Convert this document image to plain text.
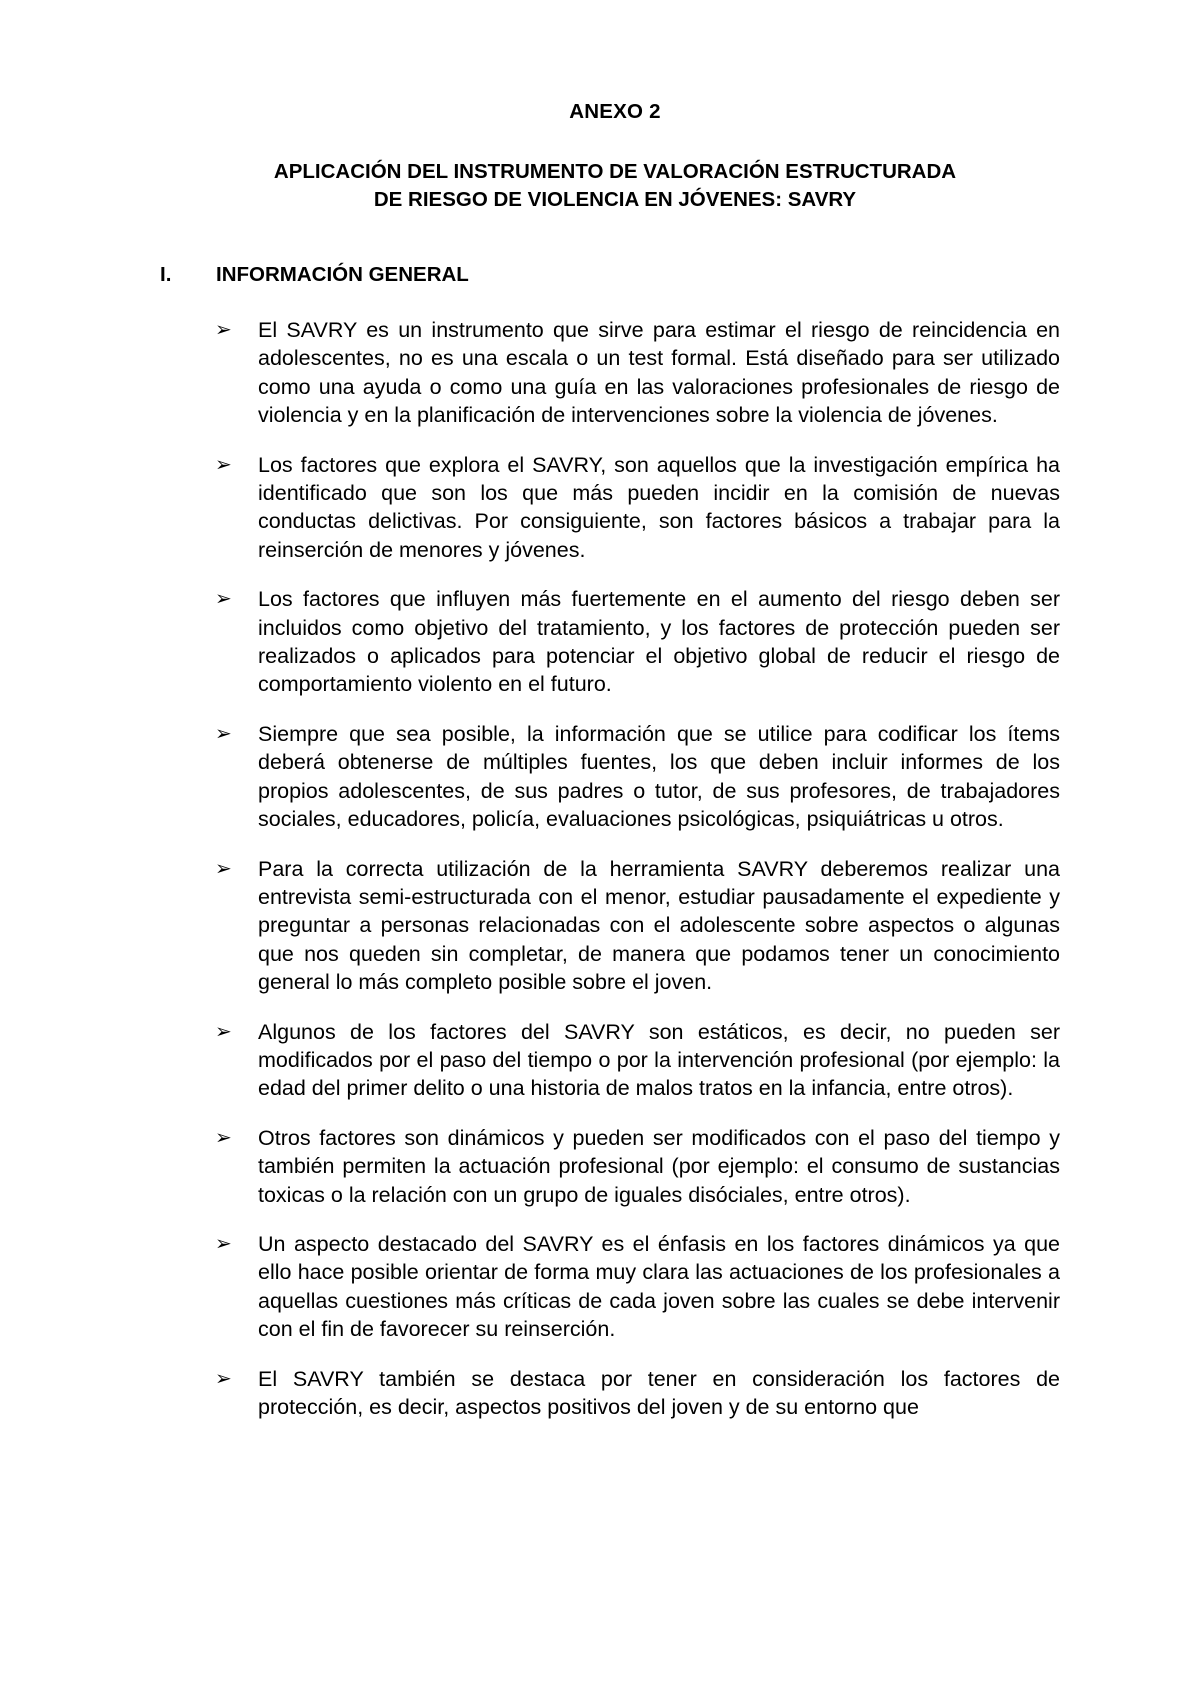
ANEXO 2
APLICACIÓN DEL INSTRUMENTO DE VALORACIÓN ESTRUCTURADA
DE RIESGO DE VIOLENCIA EN JÓVENES: SAVRY
I.	INFORMACIÓN GENERAL
➢ El SAVRY es un instrumento que sirve para estimar el riesgo de reincidencia en adolescentes, no es una escala o un test formal. Está diseñado para ser utilizado como una ayuda o como una guía en las valoraciones profesionales de riesgo de violencia y en la planificación de intervenciones sobre la violencia de jóvenes.
➢ Los factores que explora el SAVRY, son aquellos que la investigación empírica ha identificado que son los que más pueden incidir en la comisión de nuevas conductas delictivas. Por consiguiente, son factores básicos a trabajar para la reinserción de menores y jóvenes.
➢ Los factores que influyen más fuertemente en el aumento del riesgo deben ser incluidos como objetivo del tratamiento, y los factores de protección pueden ser realizados o aplicados para potenciar el objetivo global de reducir el riesgo de comportamiento violento en el futuro.
➢ Siempre que sea posible, la información que se utilice para codificar los ítems deberá obtenerse de múltiples fuentes, los que deben incluir informes de los propios adolescentes, de sus padres o tutor, de sus profesores, de trabajadores sociales, educadores, policía, evaluaciones psicológicas, psiquiátricas u otros.
➢ Para la correcta utilización de la herramienta SAVRY deberemos realizar una entrevista semi-estructurada con el menor, estudiar pausadamente el expediente y preguntar a personas relacionadas con el adolescente sobre aspectos o algunas que nos queden sin completar, de manera que podamos tener un conocimiento general lo más completo posible sobre el joven.
➢ Algunos de los factores del SAVRY son estáticos, es decir, no pueden ser modificados por el paso del tiempo o por la intervención profesional (por ejemplo: la edad del primer delito o una historia de malos tratos en la infancia, entre otros).
➢ Otros factores son dinámicos y pueden ser modificados con el paso del tiempo y también permiten la actuación profesional (por ejemplo: el consumo de sustancias toxicas o la relación con un grupo de iguales disóciales, entre otros).
➢ Un aspecto destacado del SAVRY es el énfasis en los factores dinámicos ya que ello hace posible orientar de forma muy clara las actuaciones de los profesionales a aquellas cuestiones más críticas de cada joven sobre las cuales se debe intervenir con el fin de favorecer su reinserción.
➢ El SAVRY también se destaca por tener en consideración los factores de protección, es decir, aspectos positivos del joven y de su entorno que
